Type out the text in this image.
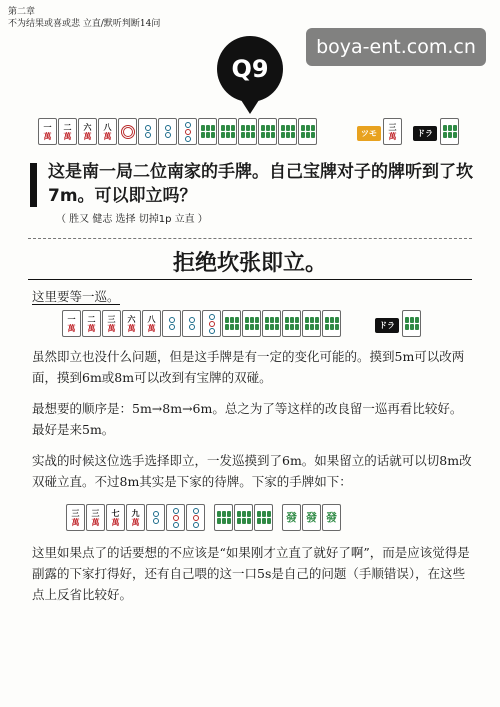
第二章
不为结果或喜或悲 立直/默听判断14问
Q9
boya-ent.com.cn
一
萬
二
萬
六
萬
八
萬	ツモ
三
萬	ドラ
这是南一局二位南家的手牌。自己宝牌对子的牌听到了坎7m。可以即立吗？
（ 胜又 健志 选择 切掉1p 立直 ）
拒绝坎张即立。
这里要等一巡。
一
萬
二
萬
三
萬
六
萬
八
萬	ドラ
虽然即立也没什么问题，但是这手牌是有一定的变化可能的。摸到5m可以改两面，摸到6m或8m可以改到有宝牌的双碰。
最想要的顺序是：5m→8m→6m。总之为了等这样的改良留一巡再看比较好。最好是来5m。
实战的时候这位选手选择即立，一发巡摸到了6m。如果留立的话就可以切8m改双碰立直。不过8m其实是下家的待牌。下家的手牌如下：
三
萬
三
萬
七
萬
九
萬	發 發 發
这里如果点了的话要想的不应该是“如果刚才立直了就好了啊”，而是应该觉得是副露的下家打得好，还有自己喂的这一口5s是自己的问题（手顺错误），在这些点上反省比较好。
